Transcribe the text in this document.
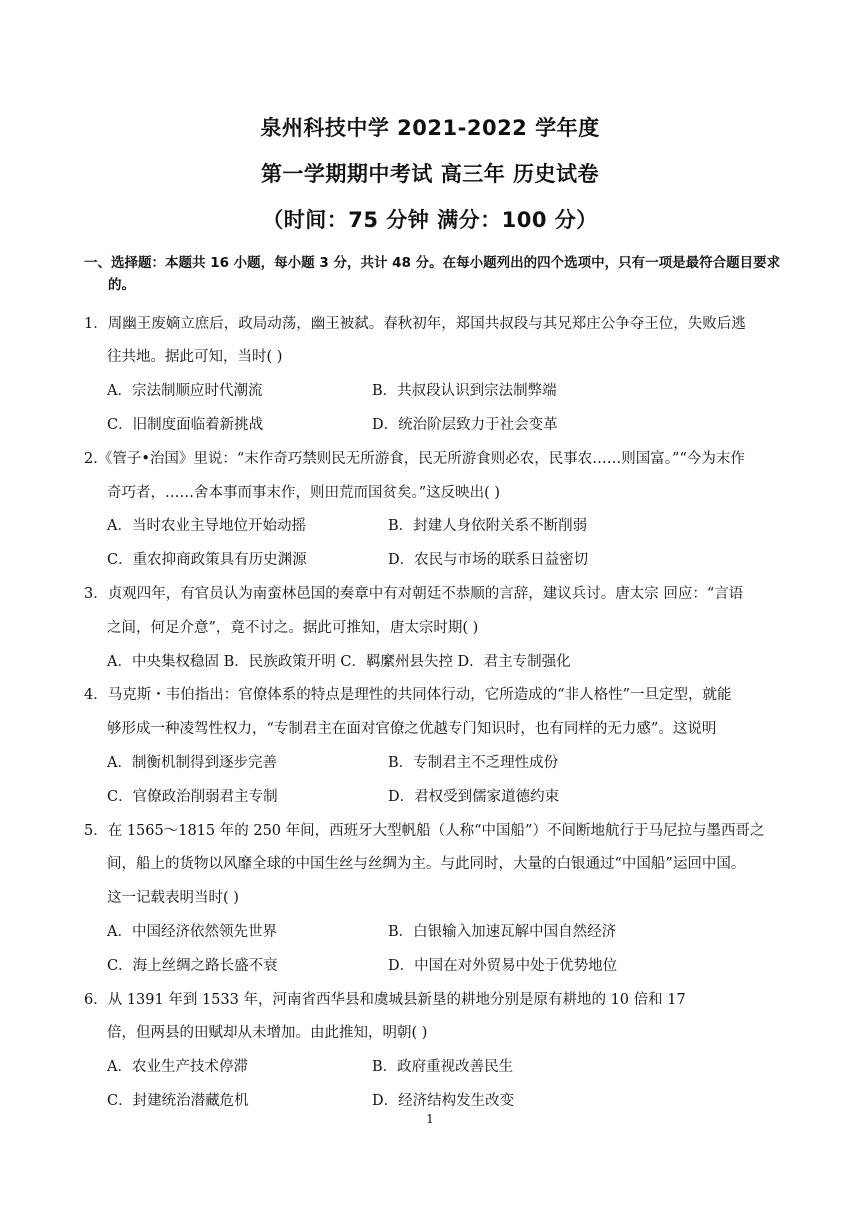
泉州科技中学 2021-2022 学年度
第一学期期中考试 高三年 历史试卷
（时间：75 分钟 满分：100 分）
一、选择题：本题共 16 小题，每小题 3 分，共计 48 分。在每小题列出的四个选项中，只有一项是最符合题目要求的。
1．周幽王废嫡立庶后，政局动荡，幽王被弑。春秋初年，郑国共叔段与其兄郑庄公争夺王位，失败后逃
往共地。据此可知，当时( )
A．宗法制顺应时代潮流	B．共叔段认识到宗法制弊端
C．旧制度面临着新挑战	D．统治阶层致力于社会变革
2.《管子•治国》里说：“末作奇巧禁则民无所游食，民无所游食则必农，民事农……则国富。”“今为末作
奇巧者，……舍本事而事末作，则田荒而国贫矣。”这反映出( )
A．当时农业主导地位开始动摇	B．封建人身依附关系不断削弱
C．重农抑商政策具有历史渊源	D．农民与市场的联系日益密切
3．贞观四年，有官员认为南蛮林邑国的奏章中有对朝廷不恭顺的言辞，建议兵讨。唐太宗 回应：“言语
之间，何足介意”，竟不讨之。据此可推知，唐太宗时期( )
A．中央集权稳固 B．民族政策开明 C．羁縻州县失控 D．君主专制强化
4．马克斯・韦伯指出：官僚体系的特点是理性的共同体行动，它所造成的“非人格性”一旦定型，就能
够形成一种凌驾性权力，“专制君主在面对官僚之优越专门知识时，也有同样的无力感”。这说明
A．制衡机制得到逐步完善	B．专制君主不乏理性成份
C．官僚政治削弱君主专制	D．君权受到儒家道德约束
5．在 1565～1815 年的 250 年间，西班牙大型帆船（人称“中国船”）不间断地航行于马尼拉与墨西哥之
间，船上的货物以风靡全球的中国生丝与丝绸为主。与此同时，大量的白银通过“中国船”运回中国。
这一记载表明当时( )
A．中国经济依然领先世界	B．白银输入加速瓦解中国自然经济
C．海上丝绸之路长盛不衰	D．中国在对外贸易中处于优势地位
6．从 1391 年到 1533 年，河南省西华县和虞城县新垦的耕地分别是原有耕地的 10 倍和 17
倍，但两县的田赋却从未增加。由此推知，明朝( )
A．农业生产技术停滞	B．政府重视改善民生
C．封建统治潜藏危机	D．经济结构发生改变
1
